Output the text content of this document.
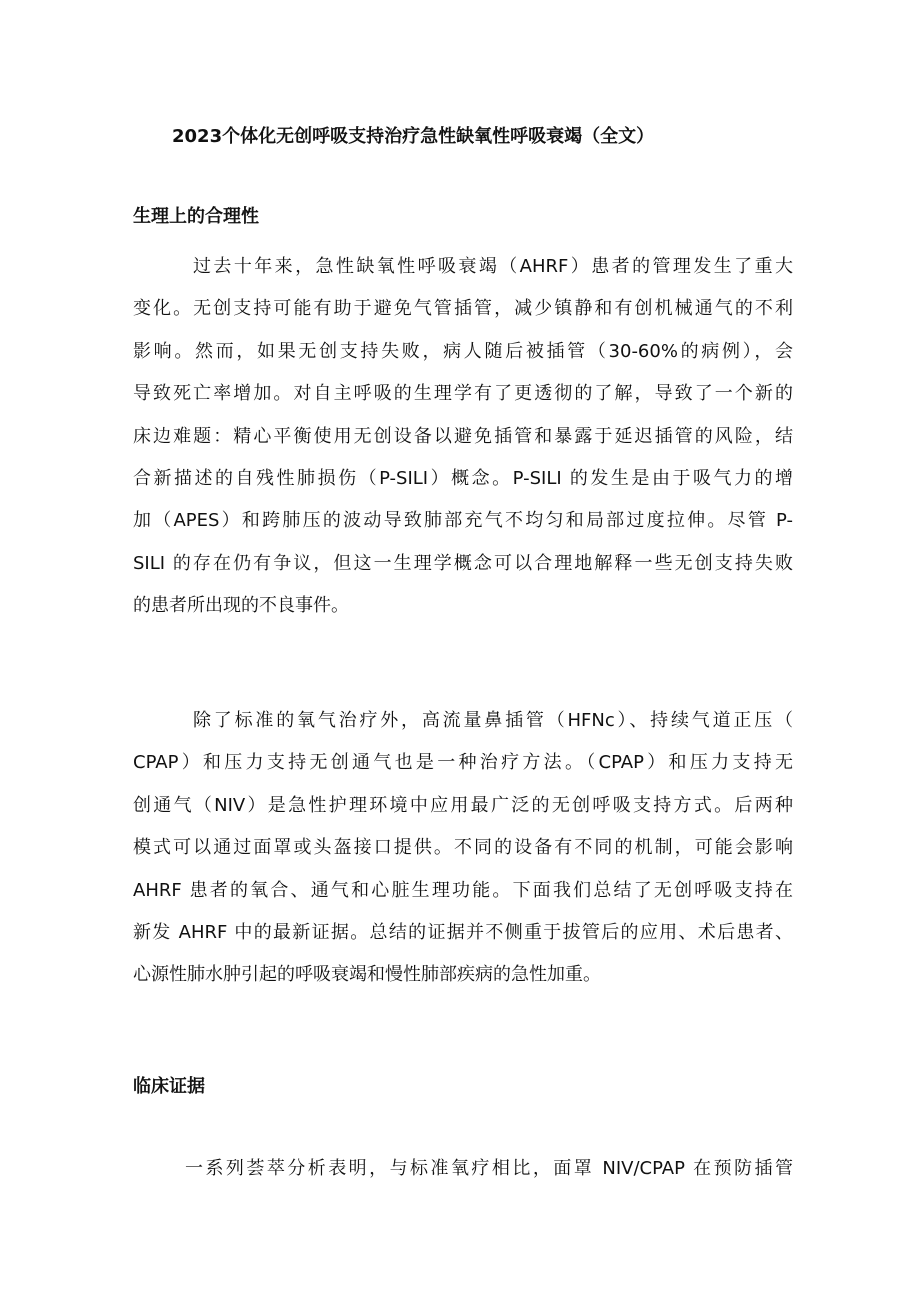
2023个体化无创呼吸支持治疗急性缺氧性呼吸衰竭（全文）
生理上的合理性
过去十年来，急性缺氧性呼吸衰竭（AHRF）患者的管理发生了重大
变化。无创支持可能有助于避免气管插管，减少镇静和有创机械通气的不利
影响。然而，如果无创支持失败，病人随后被插管（30-60%的病例），会
导致死亡率增加。对自主呼吸的生理学有了更透彻的了解，导致了一个新的
床边难题：精心平衡使用无创设备以避免插管和暴露于延迟插管的风险，结
合新描述的自残性肺损伤（P-SILI）概念。P-SILI 的发生是由于吸气力的增
加（APES）和跨肺压的波动导致肺部充气不均匀和局部过度拉伸。尽管 P-
SILI 的存在仍有争议，但这一生理学概念可以合理地解释一些无创支持失败
的患者所出现的不良事件。
除了标准的氧气治疗外，高流量鼻插管（HFNc）、持续气道正压（
CPAP）和压力支持无创通气也是一种治疗方法。（CPAP）和压力支持无
创通气（NIV）是急性护理环境中应用最广泛的无创呼吸支持方式。后两种
模式可以通过面罩或头盔接口提供。不同的设备有不同的机制，可能会影响
AHRF 患者的氧合、通气和心脏生理功能。下面我们总结了无创呼吸支持在
新发 AHRF 中的最新证据。总结的证据并不侧重于拔管后的应用、术后患者、
心源性肺水肿引起的呼吸衰竭和慢性肺部疾病的急性加重。
临床证据
一系列荟萃分析表明，与标准氧疗相比，面罩 NIV/CPAP 在预防插管
